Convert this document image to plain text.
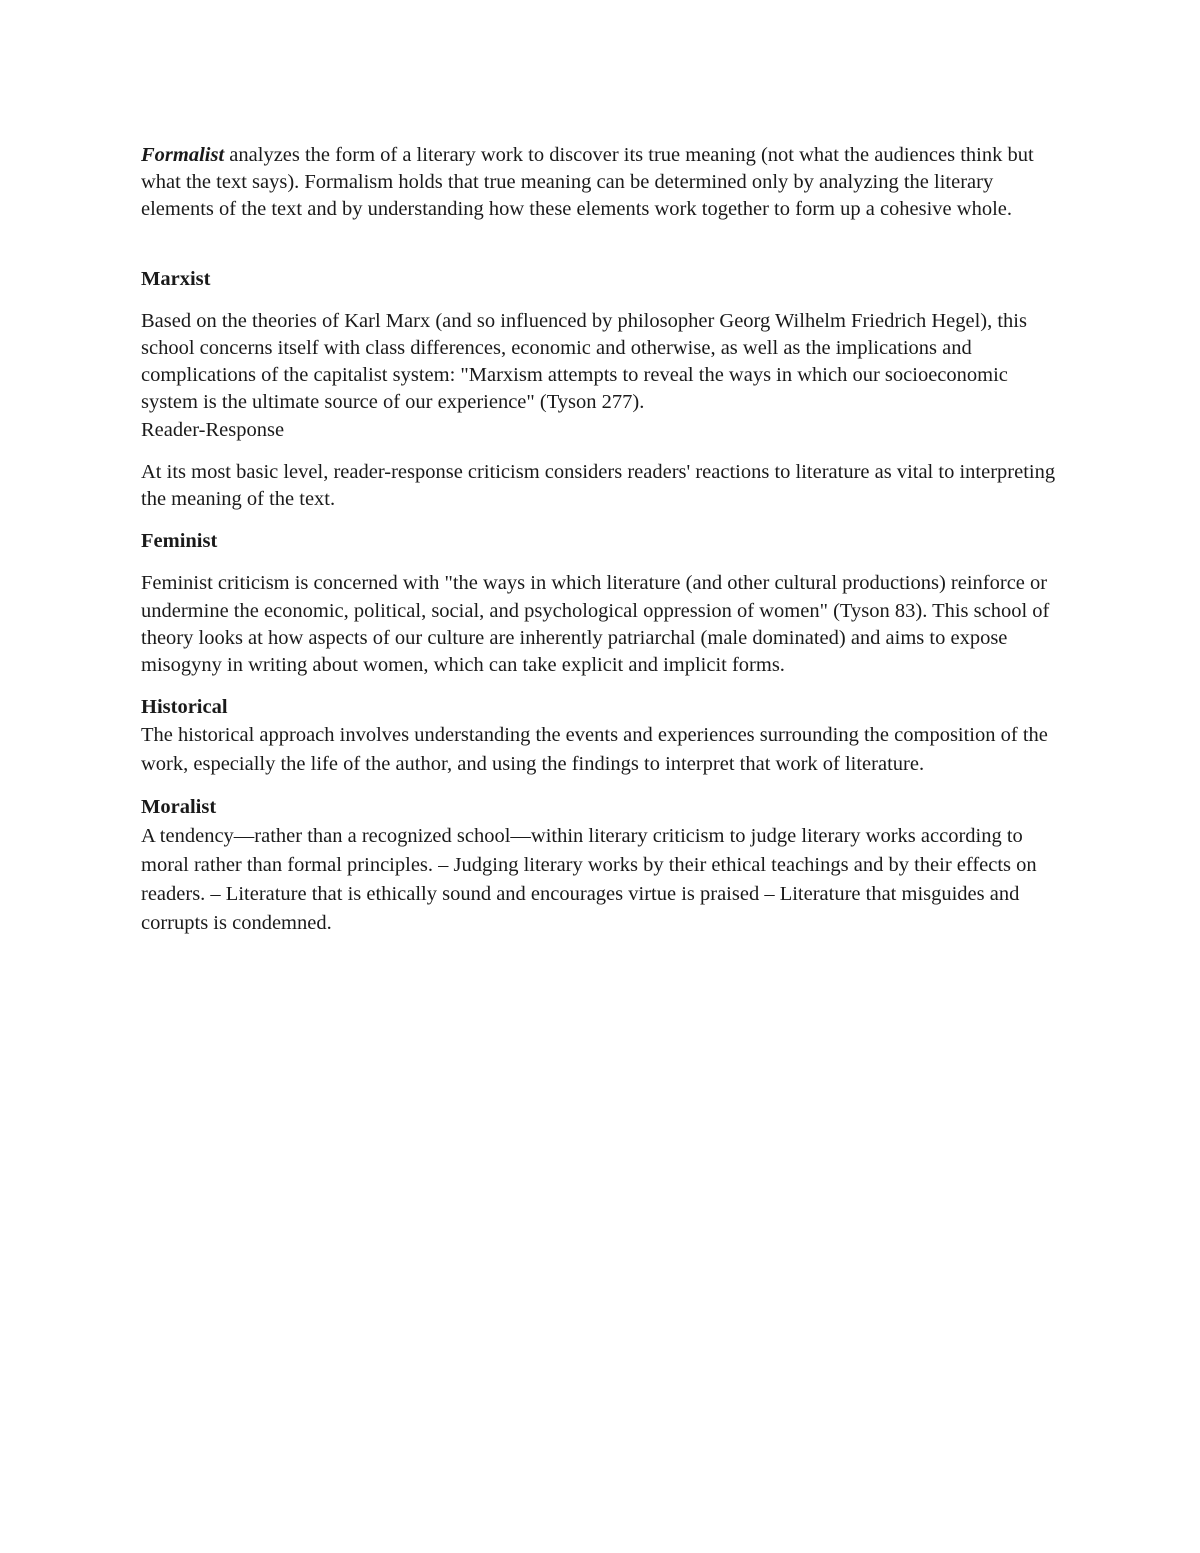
Formalist analyzes the form of a literary work to discover its true meaning (not what the audiences think but what the text says). Formalism holds that true meaning can be determined only by analyzing the literary elements of the text and by understanding how these elements work together to form up a cohesive whole.

Marxist

Based on the theories of Karl Marx (and so influenced by philosopher Georg Wilhelm Friedrich Hegel), this school concerns itself with class differences, economic and otherwise, as well as the implications and complications of the capitalist system: "Marxism attempts to reveal the ways in which our socioeconomic system is the ultimate source of our experience" (Tyson 277).

Reader-Response

At its most basic level, reader-response criticism considers readers' reactions to literature as vital to interpreting the meaning of the text.

Feminist

Feminist criticism is concerned with "the ways in which literature (and other cultural productions) reinforce or undermine the economic, political, social, and psychological oppression of women" (Tyson 83). This school of theory looks at how aspects of our culture are inherently patriarchal (male dominated) and aims to expose misogyny in writing about women, which can take explicit and implicit forms.

Historical

The historical approach involves understanding the events and experiences surrounding the composition of the work, especially the life of the author, and using the findings to interpret that work of literature.

Moralist

A tendency—rather than a recognized school—within literary criticism to judge literary works according to moral rather than formal principles. – Judging literary works by their ethical teachings and by their effects on readers. – Literature that is ethically sound and encourages virtue is praised – Literature that misguides and corrupts is condemned.
